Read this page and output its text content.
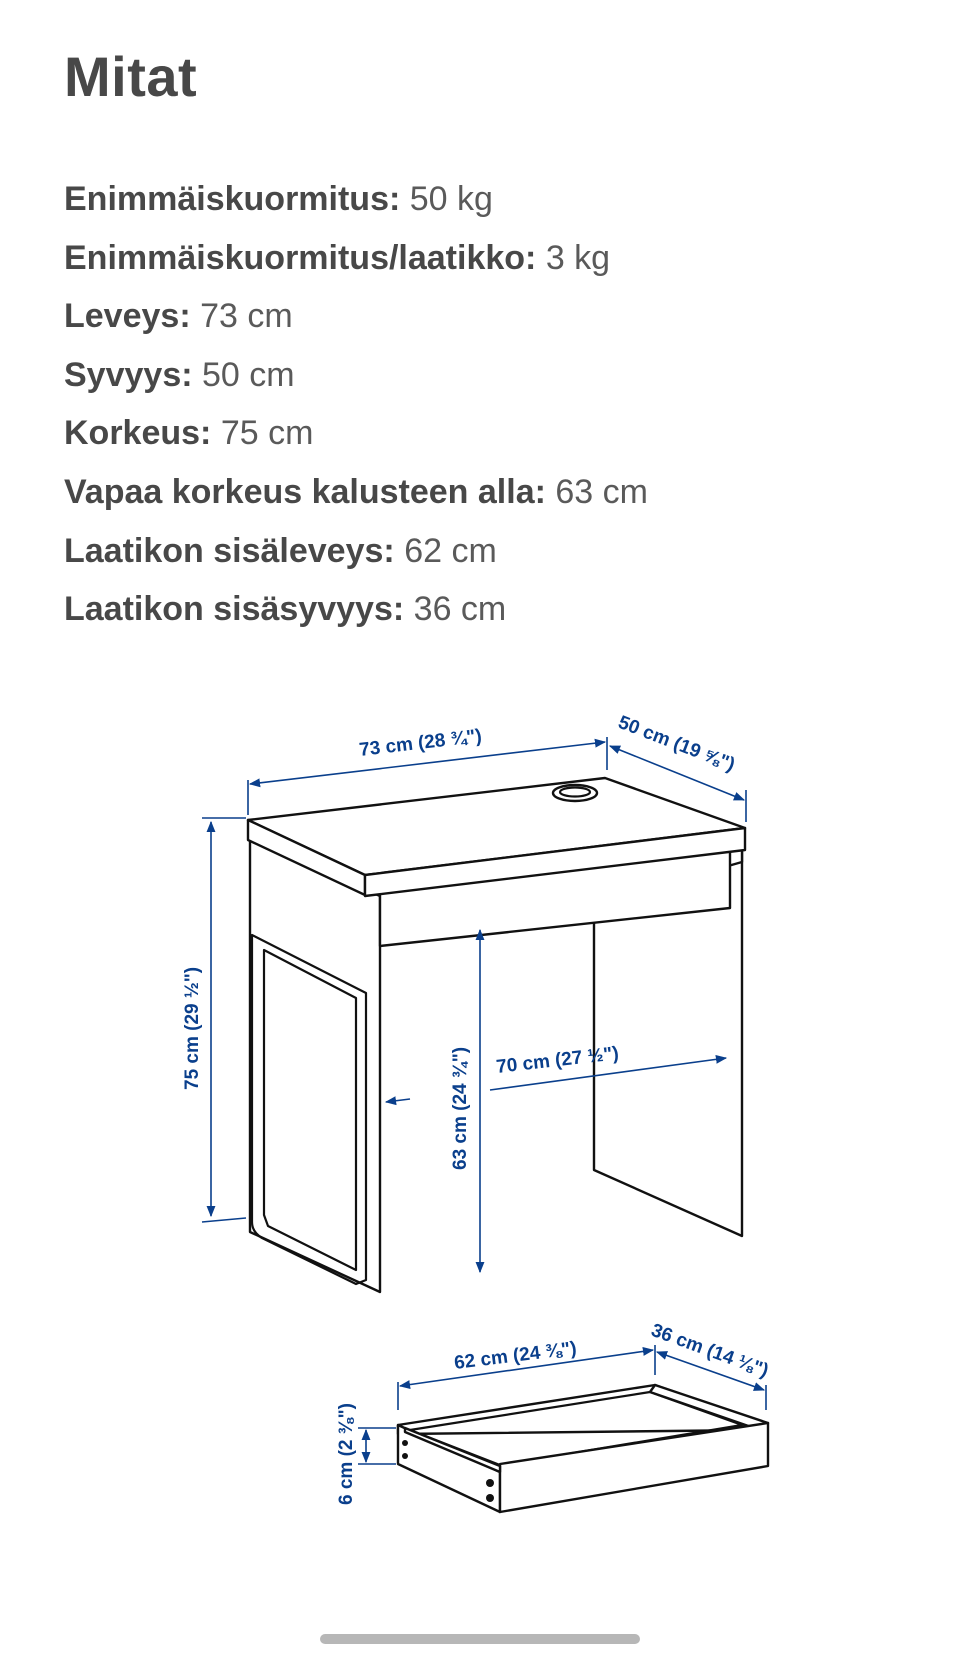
Mitat
Enimmäiskuormitus: 50 kg
Enimmäiskuormitus/laatikko: 3 kg
Leveys: 73 cm
Syvyys: 50 cm
Korkeus: 75 cm
Vapaa korkeus kalusteen alla: 63 cm
Laatikon sisäleveys: 62 cm
Laatikon sisäsyvyys: 36 cm
73 cm (28 ¾")	50 cm (19 ⅝")
75 cm (29 ½")
63 cm (24 ¾") 70 cm (27 ½")
62 cm (24 ⅜")	36 cm (14 ⅛")
6 cm (2 ⅜")
